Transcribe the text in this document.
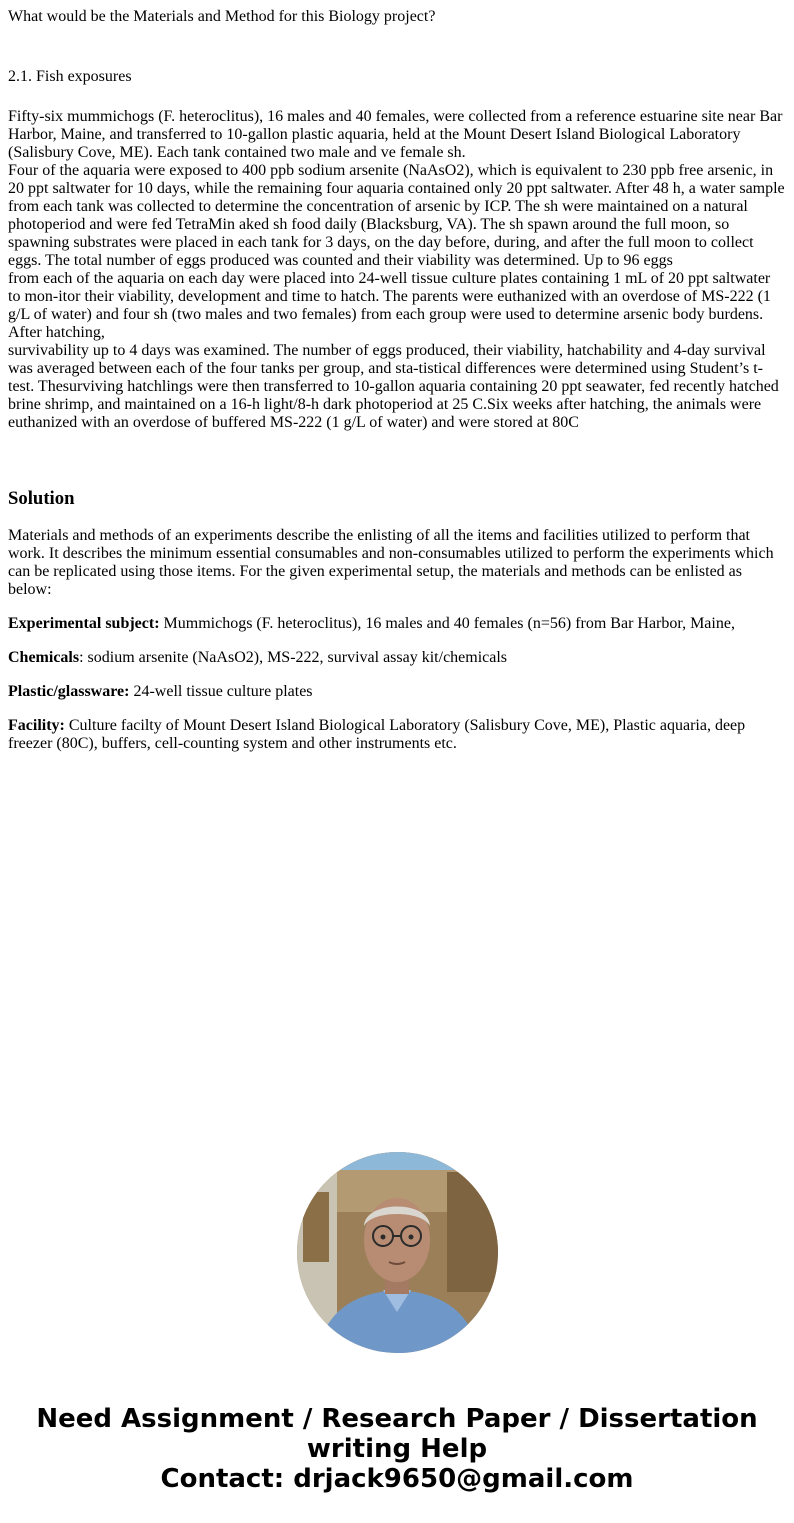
What would be the Materials and Method for this Biology project?
2.1. Fish exposures
Fifty-six mummichogs (F. heteroclitus), 16 males and 40 females, were collected from a reference estuarine site near Bar Harbor, Maine, and transferred to 10-gallon plastic aquaria, held at the Mount Desert Island Biological Laboratory (Salisbury Cove, ME). Each tank contained two male and ve female sh.
Four of the aquaria were exposed to 400 ppb sodium arsenite (NaAsO2), which is equivalent to 230 ppb free arsenic, in 20 ppt saltwater for 10 days, while the remaining four aquaria contained only 20 ppt saltwater. After 48 h, a water sample from each tank was collected to determine the concentration of arsenic by ICP. The sh were maintained on a natural photoperiod and were fed TetraMin aked sh food daily (Blacksburg, VA). The sh spawn around the full moon, so spawning substrates were placed in each tank for 3 days, on the day before, during, and after the full moon to collect eggs. The total number of eggs produced was counted and their viability was determined. Up to 96 eggs
from each of the aquaria on each day were placed into 24-well tissue culture plates containing 1 mL of 20 ppt saltwater to mon-itor their viability, development and time to hatch. The parents were euthanized with an overdose of MS-222 (1 g/L of water) and four sh (two males and two females) from each group were used to determine arsenic body burdens. After hatching,
survivability up to 4 days was examined. The number of eggs produced, their viability, hatchability and 4-day survival was averaged between each of the four tanks per group, and sta-tistical differences were determined using Student’s t-test. Thesurviving hatchlings were then transferred to 10-gallon aquaria containing 20 ppt seawater, fed recently hatched brine shrimp, and maintained on a 16-h light/8-h dark photoperiod at 25 C.Six weeks after hatching, the animals were euthanized with an overdose of buffered MS-222 (1 g/L of water) and were stored at 80C
Solution
Materials and methods of an experiments describe the enlisting of all the items and facilities utilized to perform that work. It describes the minimum essential consumables and non-consumables utilized to perform the experiments which can be replicated using those items. For the given experimental setup, the materials and methods can be enlisted as below:
Experimental subject: Mummichogs (F. heteroclitus), 16 males and 40 females (n=56) from Bar Harbor, Maine,
Chemicals: sodium arsenite (NaAsO2), MS-222, survival assay kit/chemicals
Plastic/glassware: 24-well tissue culture plates
Facility: Culture facilty of Mount Desert Island Biological Laboratory (Salisbury Cove, ME), Plastic aquaria, deep freezer (80C), buffers, cell-counting system and other instruments etc.
Need Assignment / Research Paper / Dissertation
writing Help
Contact: drjack9650@gmail.com
